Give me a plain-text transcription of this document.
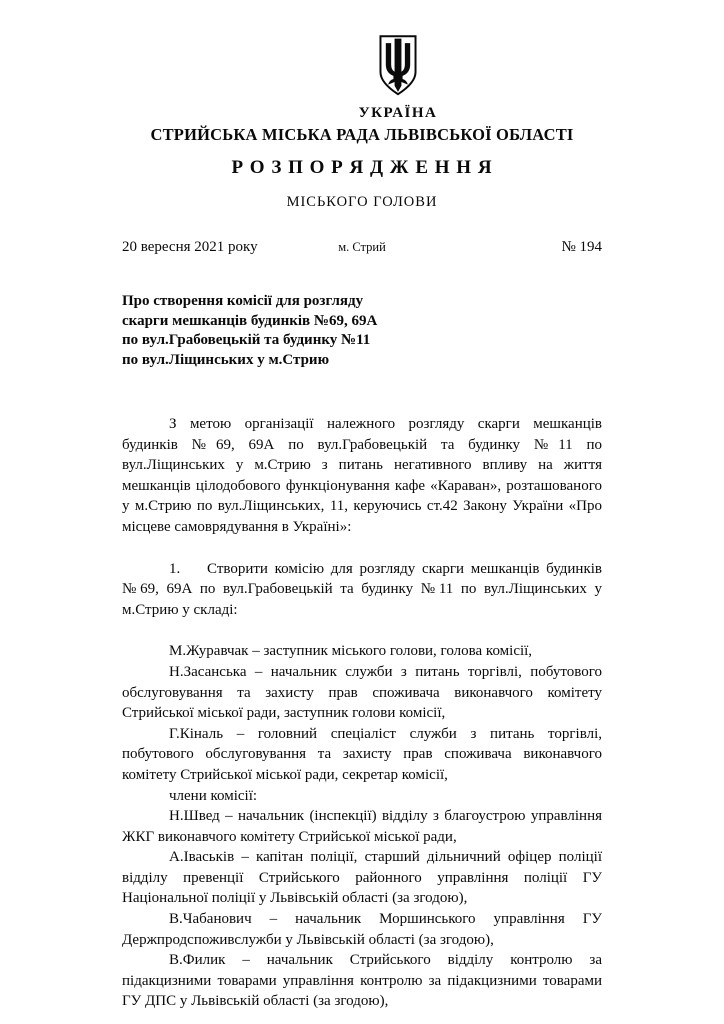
УКРАЇНА
СТРИЙСЬКА МІСЬКА РАДА ЛЬВІВСЬКОЇ ОБЛАСТІ
Р О З П О Р Я Д Ж Е Н Н Я
МІСЬКОГО ГОЛОВИ
20 вересня 2021 року	м. Стрий	№ 194
Про створення комісії для розгляду
скарги мешканців будинків №69, 69А
по вул.Грабовецькій та будинку №11
по вул.Ліщинських у м.Стрию

З метою організації належного розгляду скарги мешканців будинків №69, 69А по вул.Грабовецькій та будинку №11 по вул.Ліщинських у м.Стрию з питань негативного впливу на життя мешканців цілодобового функціонування кафе «Караван», розташованого у м.Стрию по вул.Ліщинських, 11, керуючись ст.42 Закону України «Про місцеве самоврядування в Україні»:

1.    Створити комісію для розгляду скарги мешканців будинків №69, 69А по вул.Грабовецькій та будинку №11 по вул.Ліщинських у м.Стрию у складі:

М.Журавчак – заступник міського голови, голова комісії,

Н.Засанська – начальник служби з питань торгівлі, побутового обслуговування та захисту прав споживача виконавчого комітету Стрийської міської ради, заступник голови комісії,

Г.Кіналь – головний спеціаліст служби з питань торгівлі, побутового обслуговування та захисту прав споживача виконавчого комітету Стрийської міської ради, секретар комісії,

члени комісії:

Н.Швед – начальник (інспекції) відділу з благоустрою управління ЖКГ виконавчого комітету Стрийської міської ради,

А.Іваськів – капітан поліції, старший дільничний офіцер поліції відділу превенції Стрийського районного управління поліції ГУ Національної поліції у Львівській області (за згодою),

В.Чабанович – начальник Моршинського управління ГУ Держпродспоживслужби у Львівській області (за згодою),

В.Филик – начальник Стрийського відділу контролю за підакцизними товарами управління контролю за підакцизними товарами ГУ ДПС у Львівській області (за згодою),
